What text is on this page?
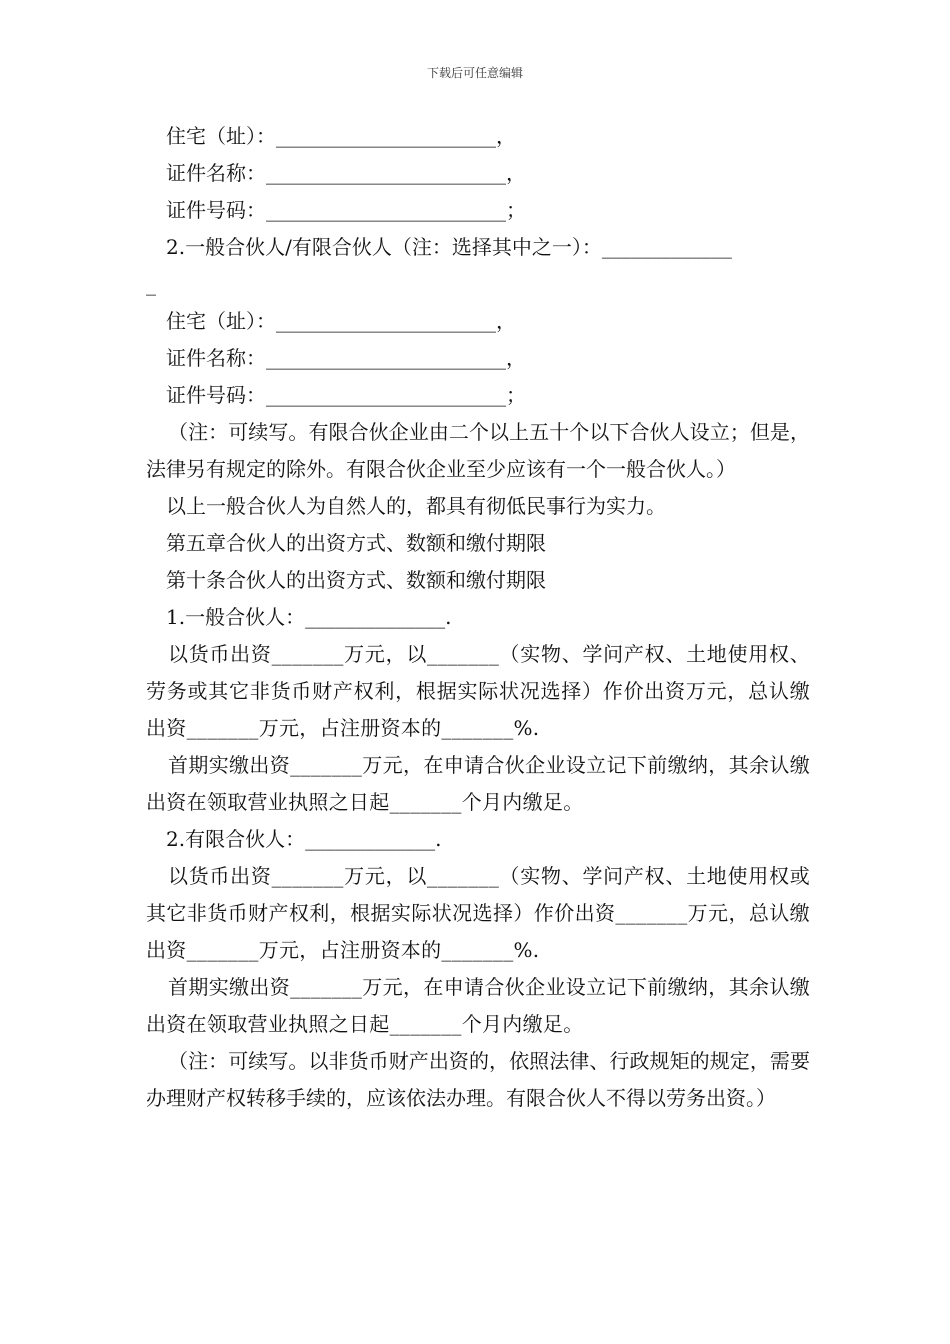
下载后可任意编辑

住宅（址）：______________________，

证件名称：________________________，

证件号码：________________________；

2.一般合伙人/有限合伙人（注：选择其中之一）：_____________

_

住宅（址）：______________________，

证件名称：________________________，

证件号码：________________________；

（注：可续写。有限合伙企业由二个以上五十个以下合伙人设立；但是，法律另有规定的除外。有限合伙企业至少应该有一个一般合伙人。）

以上一般合伙人为自然人的，都具有彻低民事行为实力。

第五章合伙人的出资方式、数额和缴付期限

第十条合伙人的出资方式、数额和缴付期限

1.一般合伙人：______________.

以货币出资_______万元，以_______（实物、学问产权、土地使用权、劳务或其它非货币财产权利，根据实际状况选择）作价出资万元，总认缴出资_______万元，占注册资本的_______%.

首期实缴出资_______万元，在申请合伙企业设立记下前缴纳，其余认缴出资在领取营业执照之日起_______个月内缴足。

2.有限合伙人：_____________.

以货币出资_______万元，以_______（实物、学问产权、土地使用权或其它非货币财产权利，根据实际状况选择）作价出资_______万元，总认缴出资_______万元，占注册资本的_______%.

首期实缴出资_______万元，在申请合伙企业设立记下前缴纳，其余认缴出资在领取营业执照之日起_______个月内缴足。

（注：可续写。以非货币财产出资的，依照法律、行政规矩的规定，需要办理财产权转移手续的，应该依法办理。有限合伙人不得以劳务出资。）
